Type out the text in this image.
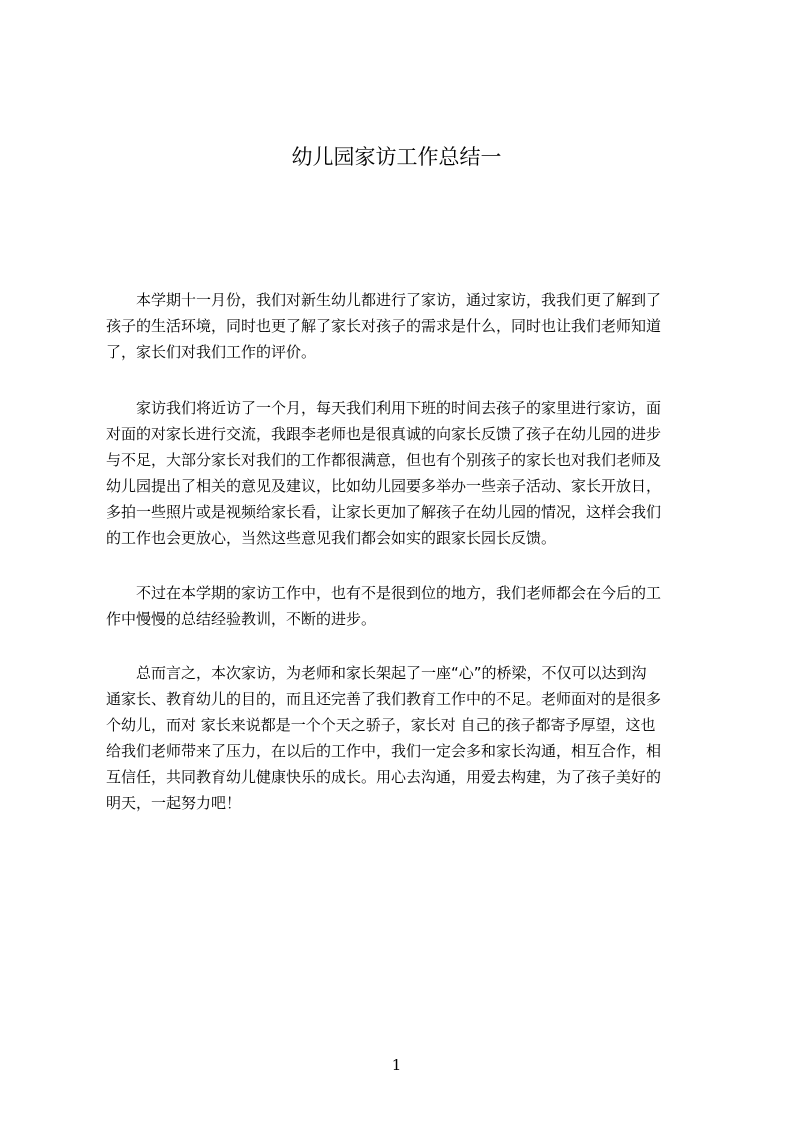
幼儿园家访工作总结一
　　本学期十一月份，我们对新生幼儿都进行了家访，通过家访，我我们更了解到了
孩子的生活环境，同时也更了解了家长对孩子的需求是什么，同时也让我们老师知道
了，家长们对我们工作的评价。
　　家访我们将近访了一个月，每天我们利用下班的时间去孩子的家里进行家访，面
对面的对家长进行交流，我跟李老师也是很真诚的向家长反馈了孩子在幼儿园的进步
与不足，大部分家长对我们的工作都很满意，但也有个别孩子的家长也对我们老师及
幼儿园提出了相关的意见及建议，比如幼儿园要多举办一些亲子活动、家长开放日，
多拍一些照片或是视频给家长看，让家长更加了解孩子在幼儿园的情况，这样会我们
的工作也会更放心，当然这些意见我们都会如实的跟家长园长反馈。
　　不过在本学期的家访工作中，也有不是很到位的地方，我们老师都会在今后的工
作中慢慢的总结经验教训，不断的进步。
　　总而言之，本次家访，为老师和家长架起了一座“心”的桥梁，不仅可以达到沟
通家长、教育幼儿的目的，而且还完善了我们教育工作中的不足。老师面对的是很多
个幼儿，而对 家长来说都是一个个天之骄子，家长对 自己的孩子都寄予厚望，这也
给我们老师带来了压力，在以后的工作中，我们一定会多和家长沟通，相互合作，相
互信任，共同教育幼儿健康快乐的成长。用心去沟通，用爱去构建，为了孩子美好的
明天，一起努力吧！
1
